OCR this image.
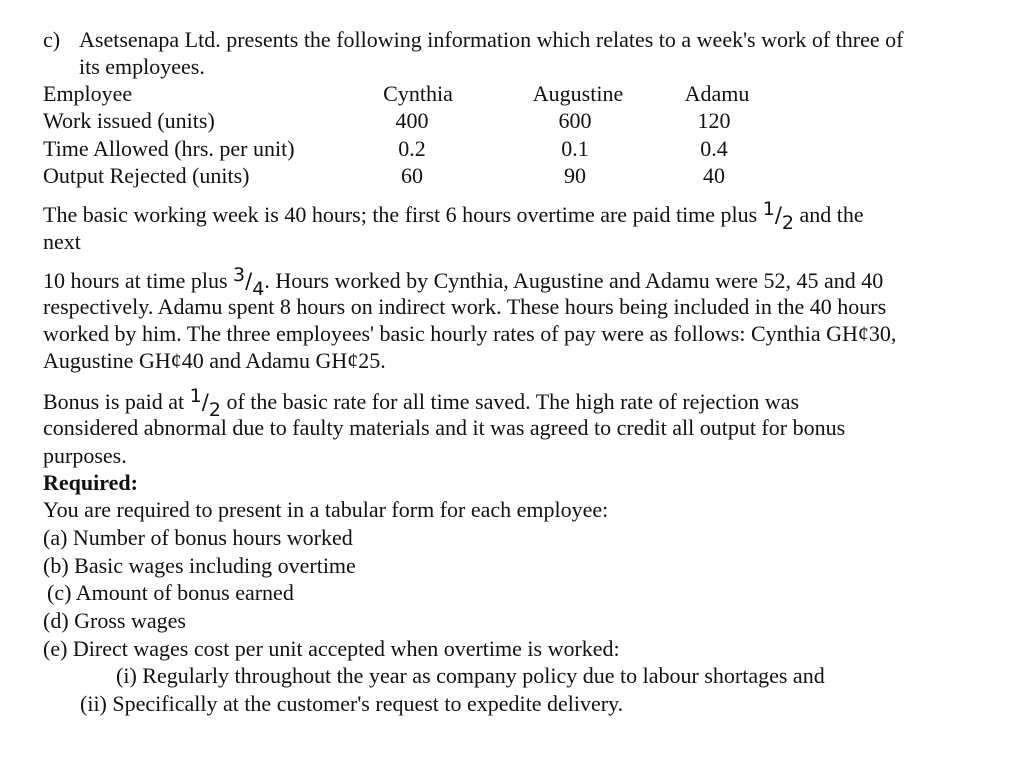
c) Asetsenapa Ltd. presents the following information which relates to a week's work of three of
its employees.
Employee	Cynthia	Augustine	Adamu
Work issued (units)	400	600	120
Time Allowed (hrs. per unit)	0.2	0.1	0.4
Output Rejected (units)	60	90	40
The basic working week is 40 hours; the first 6 hours overtime are paid time plus 1/2 and the
next
10 hours at time plus 3/4. Hours worked by Cynthia, Augustine and Adamu were 52, 45 and 40
respectively. Adamu spent 8 hours on indirect work. These hours being included in the 40 hours
worked by him. The three employees' basic hourly rates of pay were as follows: Cynthia GH¢30,
Augustine GH¢40 and Adamu GH¢25.
Bonus is paid at 1/2 of the basic rate for all time saved. The high rate of rejection was
considered abnormal due to faulty materials and it was agreed to credit all output for bonus
purposes.
Required:
You are required to present in a tabular form for each employee:
(a) Number of bonus hours worked
(b) Basic wages including overtime
(c) Amount of bonus earned
(d) Gross wages
(e) Direct wages cost per unit accepted when overtime is worked:
(i) Regularly throughout the year as company policy due to labour shortages and
(ii) Specifically at the customer's request to expedite delivery.
